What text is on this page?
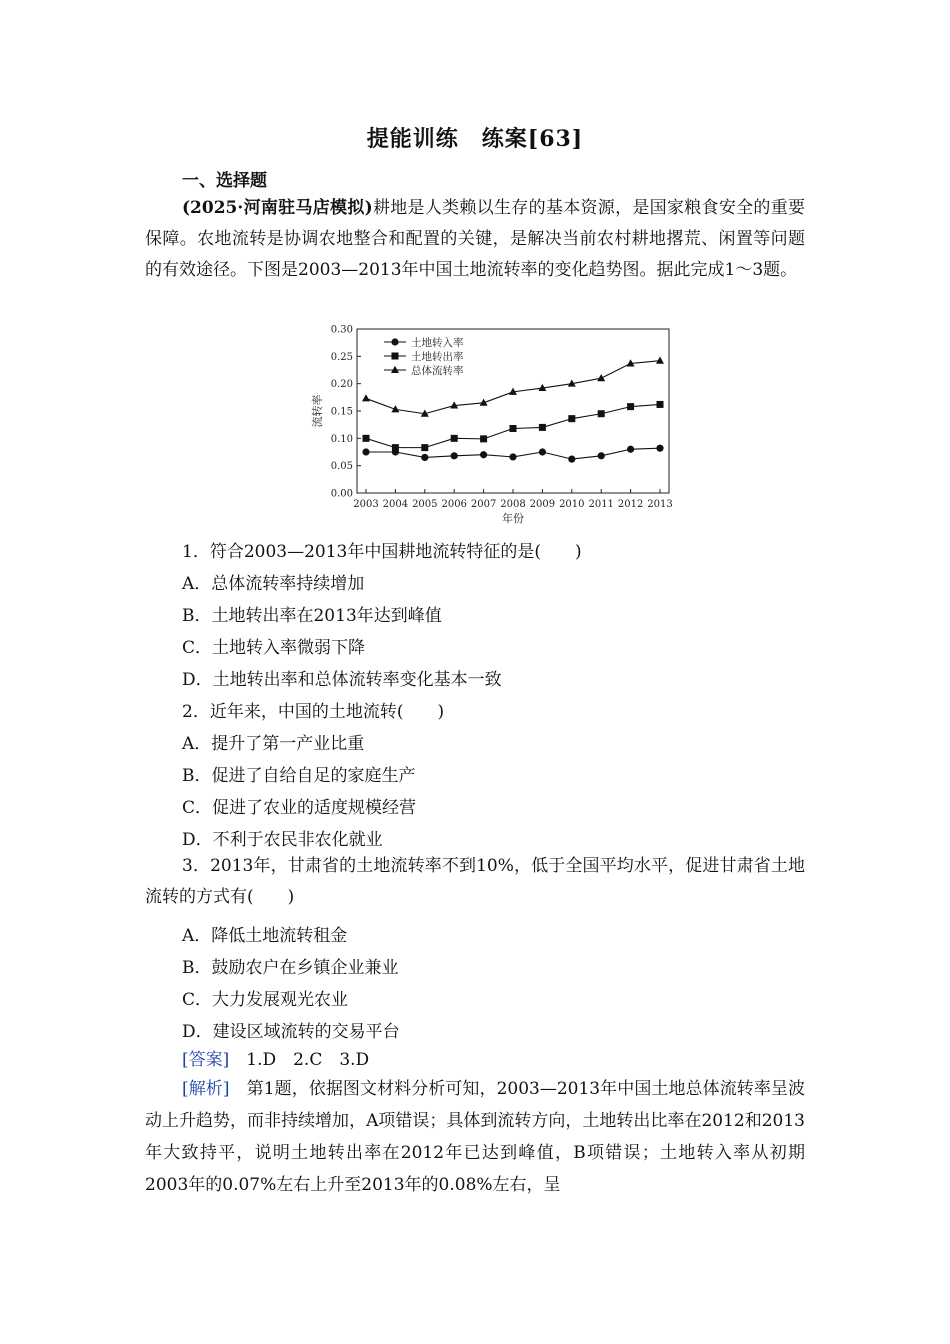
提能训练　练案[63]
一、选择题
(2025·河南驻马店模拟)耕地是人类赖以生存的基本资源，是国家粮食安全的重要保障。农地流转是协调农地整合和配置的关键，是解决当前农村耕地撂荒、闲置等问题的有效途径。下图是2003—2013年中国土地流转率的变化趋势图。据此完成1～3题。
0.00
0.05
0.10
0.15
0.20
0.25
0.30
2003 2004 2005 2006 2007 2008 2009 2010 2011 2012 2013
年份
流转率
土地转入率
土地转出率
总体流转率
1．符合2003—2013年中国耕地流转特征的是(　　)
A．总体流转率持续增加
B．土地转出率在2013年达到峰值
C．土地转入率微弱下降
D．土地转出率和总体流转率变化基本一致
2．近年来，中国的土地流转(　　)
A．提升了第一产业比重
B．促进了自给自足的家庭生产
C．促进了农业的适度规模经营
D．不利于农民非农化就业
3．2013年，甘肃省的土地流转率不到10%，低于全国平均水平，促进甘肃省土地流转的方式有(　　)
A．降低土地流转租金
B．鼓励农户在乡镇企业兼业
C．大力发展观光农业
D．建设区域流转的交易平台
[答案]　1.D　2.C　3.D
[解析]　第1题，依据图文材料分析可知，2003—2013年中国土地总体流转率呈波动上升趋势，而非持续增加，A项错误；具体到流转方向，土地转出比率在2012和2013年大致持平，说明土地转出率在2012年已达到峰值，B项错误；土地转入率从初期2003年的0.07%左右上升至2013年的0.08%左右，呈
